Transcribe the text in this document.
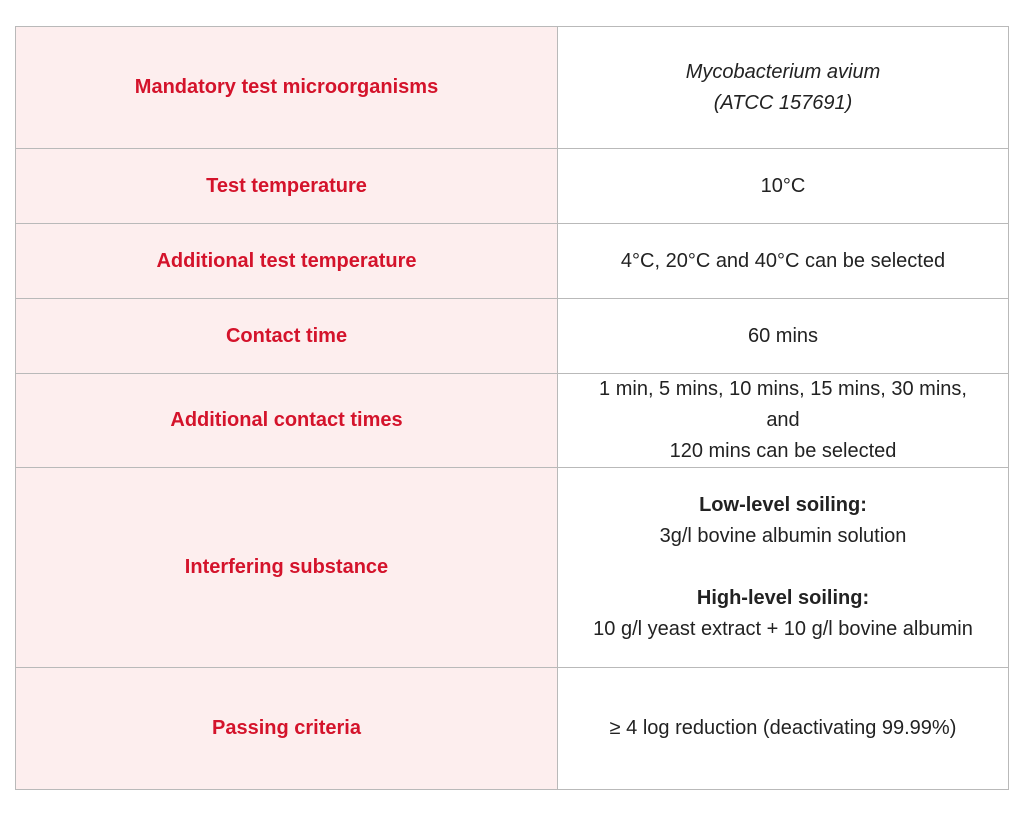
Mandatory test microorganisms	Mycobacterium avium
(ATCC 157691)

Test temperature	10°C
Additional test temperature	4°C, 20°C and 40°C can be selected
Contact time	60 mins
Additional contact times	1 min, 5 mins, 10 mins, 15 mins, 30 mins, and
120 mins can be selected

Interfering substance	Low-level soiling:
3g/l bovine albumin solution
High-level soiling:
10 g/l yeast extract + 10 g/l bovine albumin

Passing criteria	≥ 4 log reduction (deactivating 99.99%)
